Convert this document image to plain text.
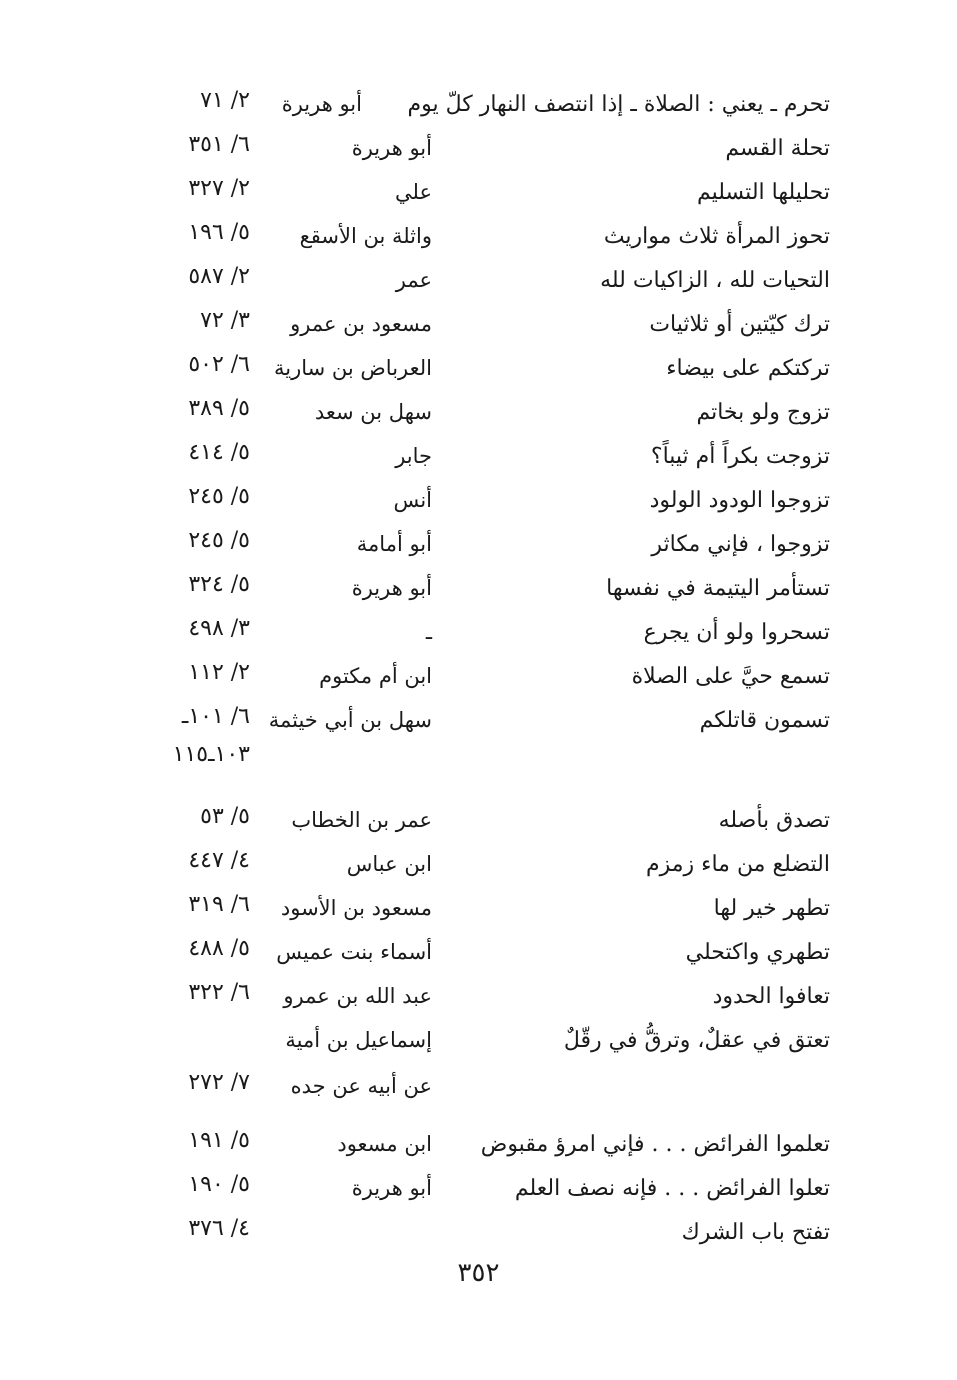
تحرم ـ يعني : الصلاة ـ إذا انتصف النهار كلّ يوم
أبو هريرة
٢/ ٧١
تحلة القسم
أبو هريرة
٦/ ٣٥١
تحليلها التسليم
علي
٢/ ٣٢٧
تحوز المرأة ثلاث مواريث
واثلة بن الأسقع
٥/ ١٩٦
التحيات لله ، الزاكيات لله
عمر
٢/ ٥٨٧
ترك كيّتين أو ثلاثيات
مسعود بن عمرو
٣/ ٧٢
تركتكم على بيضاء
العرباض بن سارية
٦/ ٥٠٢
تزوج ولو بخاتم
سهل بن سعد
٥/ ٣٨٩
تزوجت بكراً أم ثيباً؟
جابر
٥/ ٤١٤
تزوجوا الودود الولود
أنس
٥/ ٢٤٥
تزوجوا ، فإني مكاثر
أبو أمامة
٥/ ٢٤٥
تستأمر اليتيمة في نفسها
أبو هريرة
٥/ ٣٢٤
تسحروا ولو أن يجرع
ـ
٣/ ٤٩٨
تسمع حيَّ على الصلاة
ابن أم مكتوم
٢/ ١١٢
تسمون قاتلكم
سهل بن أبي خيثمة
٦/ ١٠١ـ
١٠٣ـ١١٥
تصدق بأصله
عمر بن الخطاب
٥/ ٥٣
التضلع من ماء زمزم
ابن عباس
٤/ ٤٤٧
تطهر خير لها
مسعود بن الأسود
٦/ ٣١٩
تطهري واكتحلي
أسماء بنت عميس
٥/ ٤٨٨
تعافوا الحدود
عبد الله بن عمرو
٦/ ٣٢٢
تعتق في عقلٌ، وترقُّ في رقّلٌ
إسماعيل بن أمية
عن أبيه عن جده
٧/ ٢٧٢
تعلموا الفرائض . . . فإني امرؤ مقبوض
ابن مسعود
٥/ ١٩١
تعلوا الفرائض . . . فإنه نصف العلم
أبو هريرة
٥/ ١٩٠
تفتح باب الشرك
٤/ ٣٧٦
٣٥٢
